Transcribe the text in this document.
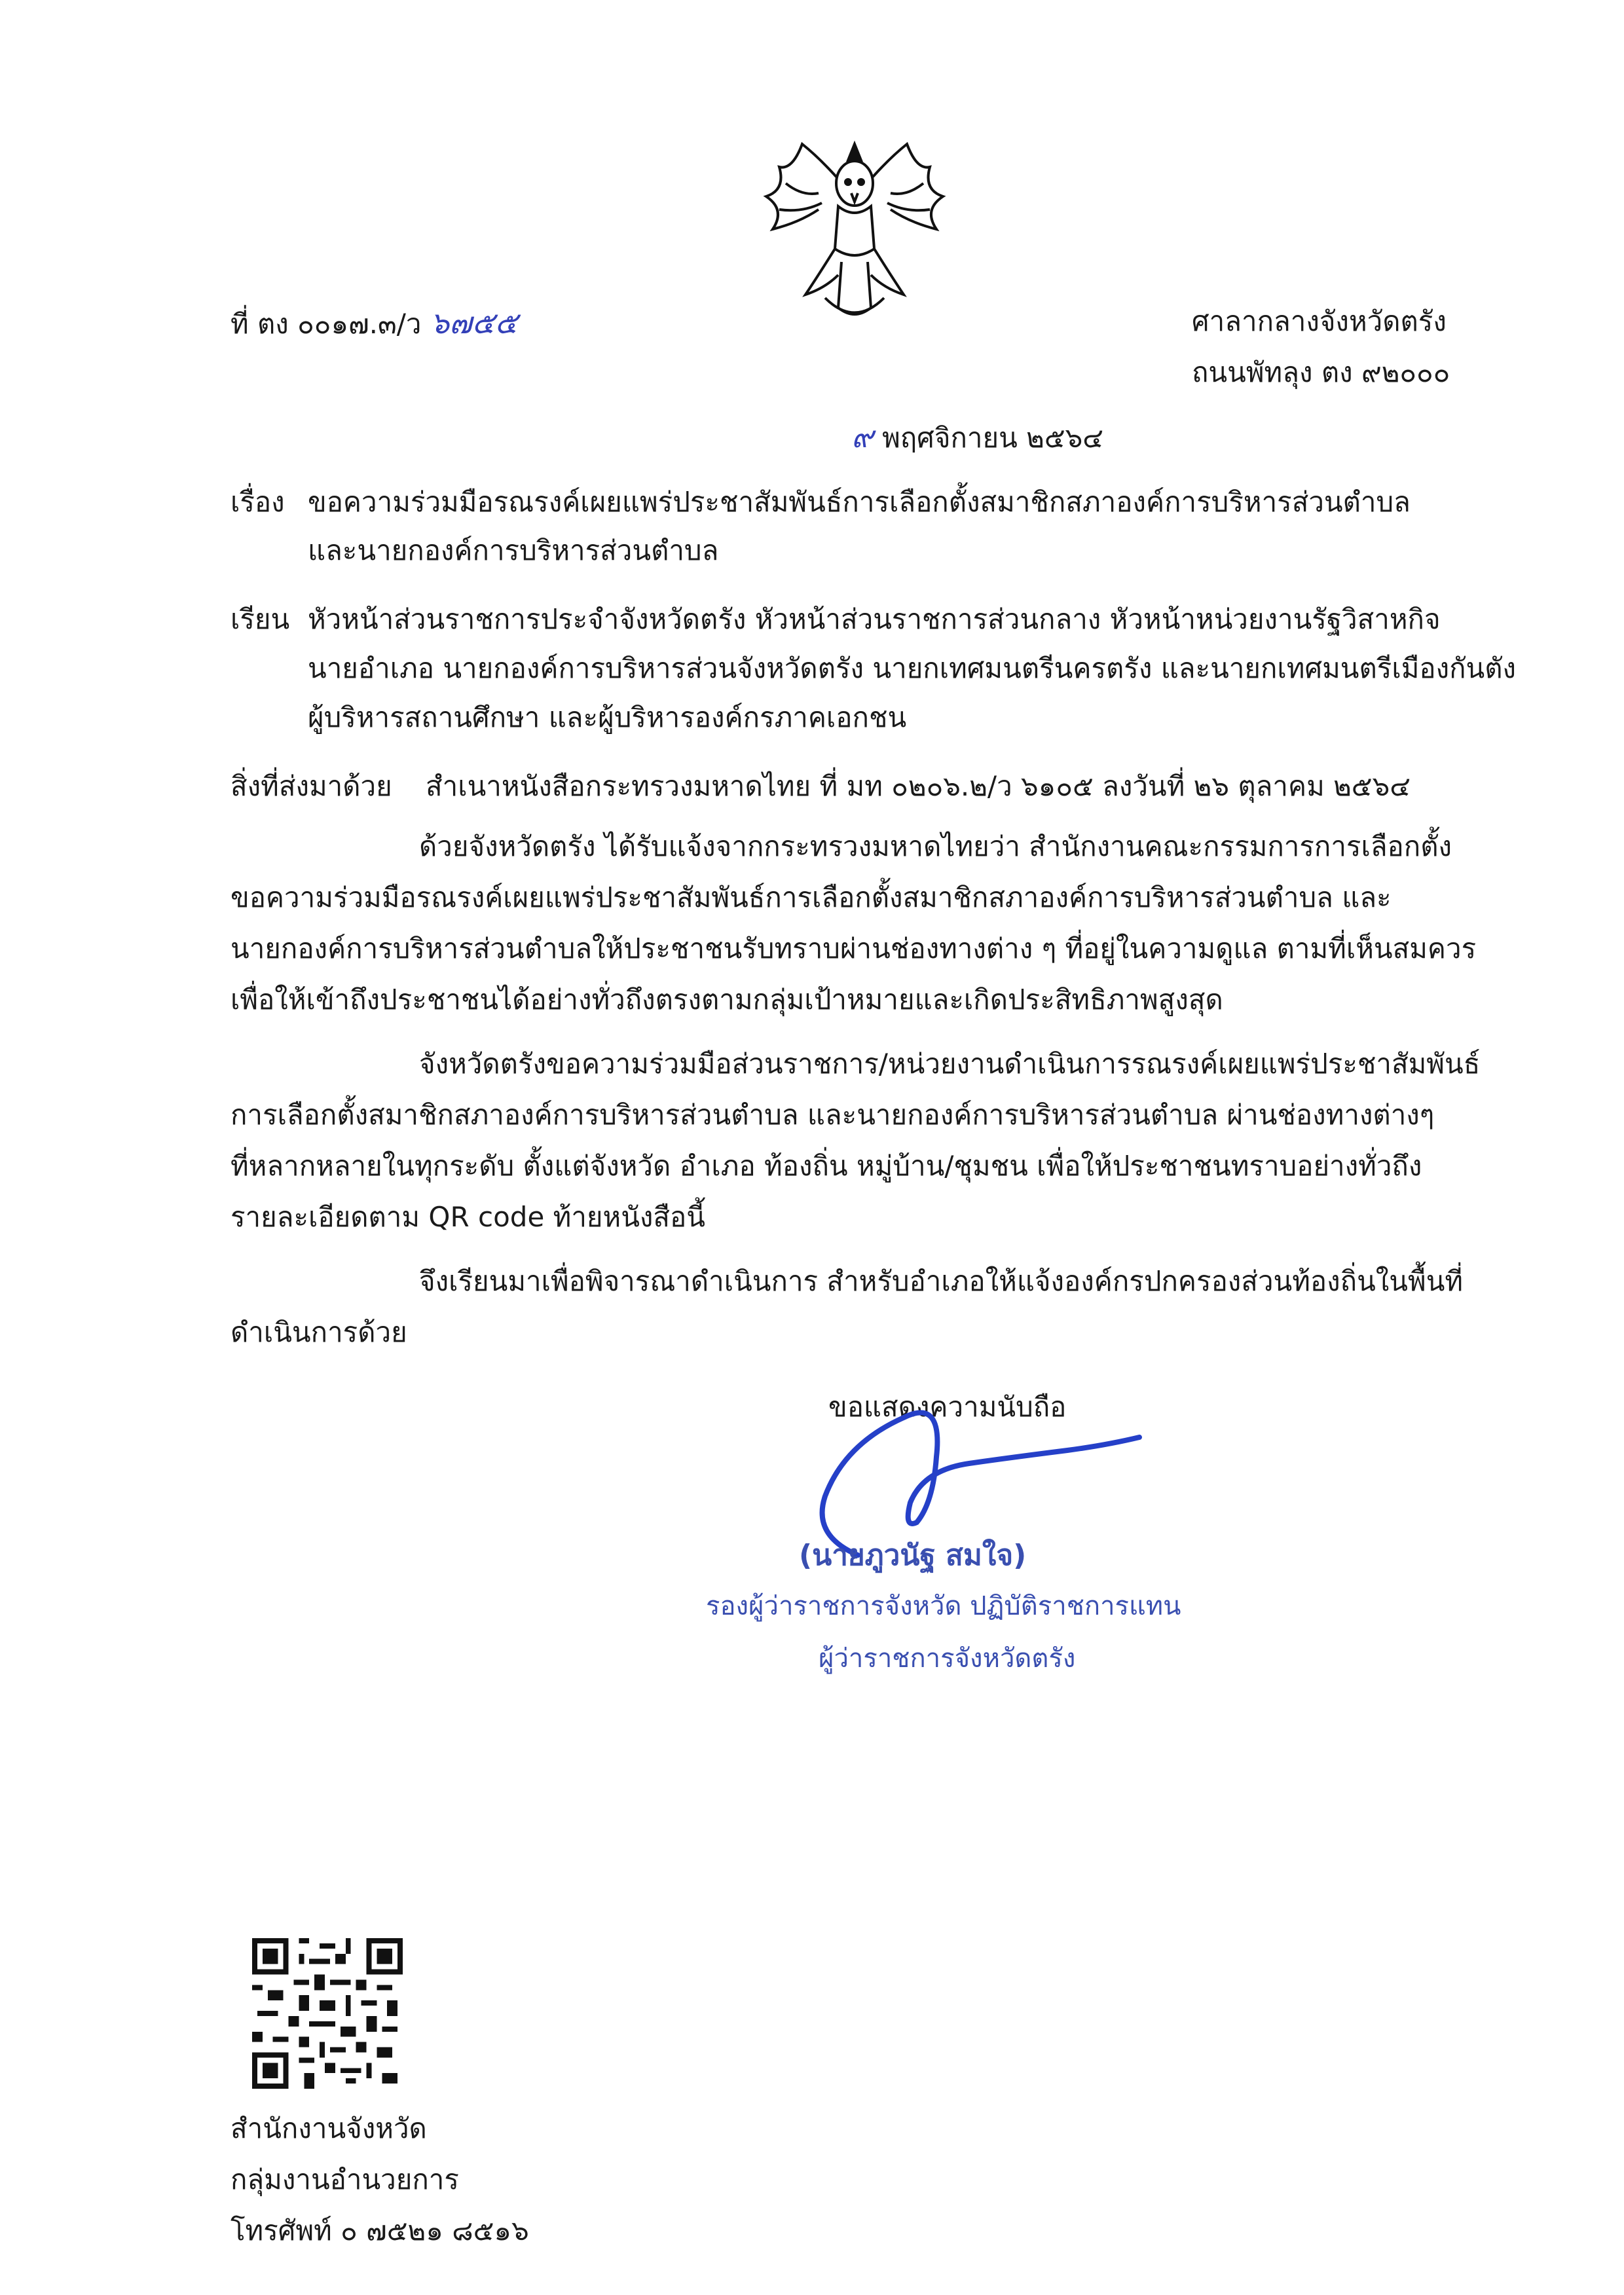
ที่ ตง ๐๐๑๗.๓/ว ๖๗๕๕	ศาลากลางจังหวัดตรัง
ถนนพัทลุง ตง ๙๒๐๐๐
๙ พฤศจิกายน ๒๕๖๔
เรื่อง ขอความร่วมมือรณรงค์เผยแพร่ประชาสัมพันธ์การเลือกตั้งสมาชิกสภาองค์การบริหารส่วนตำบล
และนายกองค์การบริหารส่วนตำบล
เรียน หัวหน้าส่วนราชการประจำจังหวัดตรัง หัวหน้าส่วนราชการส่วนกลาง หัวหน้าหน่วยงานรัฐวิสาหกิจ
นายอำเภอ นายกองค์การบริหารส่วนจังหวัดตรัง นายกเทศมนตรีนครตรัง และนายกเทศมนตรีเมืองกันตัง
ผู้บริหารสถานศึกษา และผู้บริหารองค์กรภาคเอกชน
สิ่งที่ส่งมาด้วย สำเนาหนังสือกระทรวงมหาดไทย ที่ มท ๐๒๐๖.๒/ว ๖๑๐๕ ลงวันที่ ๒๖ ตุลาคม ๒๕๖๔
ด้วยจังหวัดตรัง ได้รับแจ้งจากกระทรวงมหาดไทยว่า สำนักงานคณะกรรมการการเลือกตั้ง
ขอความร่วมมือรณรงค์เผยแพร่ประชาสัมพันธ์การเลือกตั้งสมาชิกสภาองค์การบริหารส่วนตำบล และ
นายกองค์การบริหารส่วนตำบลให้ประชาชนรับทราบผ่านช่องทางต่าง ๆ ที่อยู่ในความดูแล ตามที่เห็นสมควร
เพื่อให้เข้าถึงประชาชนได้อย่างทั่วถึงตรงตามกลุ่มเป้าหมายและเกิดประสิทธิภาพสูงสุด
จังหวัดตรังขอความร่วมมือส่วนราชการ/หน่วยงานดำเนินการรณรงค์เผยแพร่ประชาสัมพันธ์
การเลือกตั้งสมาชิกสภาองค์การบริหารส่วนตำบล และนายกองค์การบริหารส่วนตำบล ผ่านช่องทางต่างๆ
ที่หลากหลายในทุกระดับ ตั้งแต่จังหวัด อำเภอ ท้องถิ่น หมู่บ้าน/ชุมชน เพื่อให้ประชาชนทราบอย่างทั่วถึง
รายละเอียดตาม QR code ท้ายหนังสือนี้
จึงเรียนมาเพื่อพิจารณาดำเนินการ สำหรับอำเภอให้แจ้งองค์กรปกครองส่วนท้องถิ่นในพื้นที่
ดำเนินการด้วย
ขอแสดงความนับถือ
(นายภูวนัฐ สมใจ)
รองผู้ว่าราชการจังหวัด ปฏิบัติราชการแทน
ผู้ว่าราชการจังหวัดตรัง
สำนักงานจังหวัด
กลุ่มงานอำนวยการ
โทรศัพท์ ๐ ๗๕๒๑ ๘๕๑๖
